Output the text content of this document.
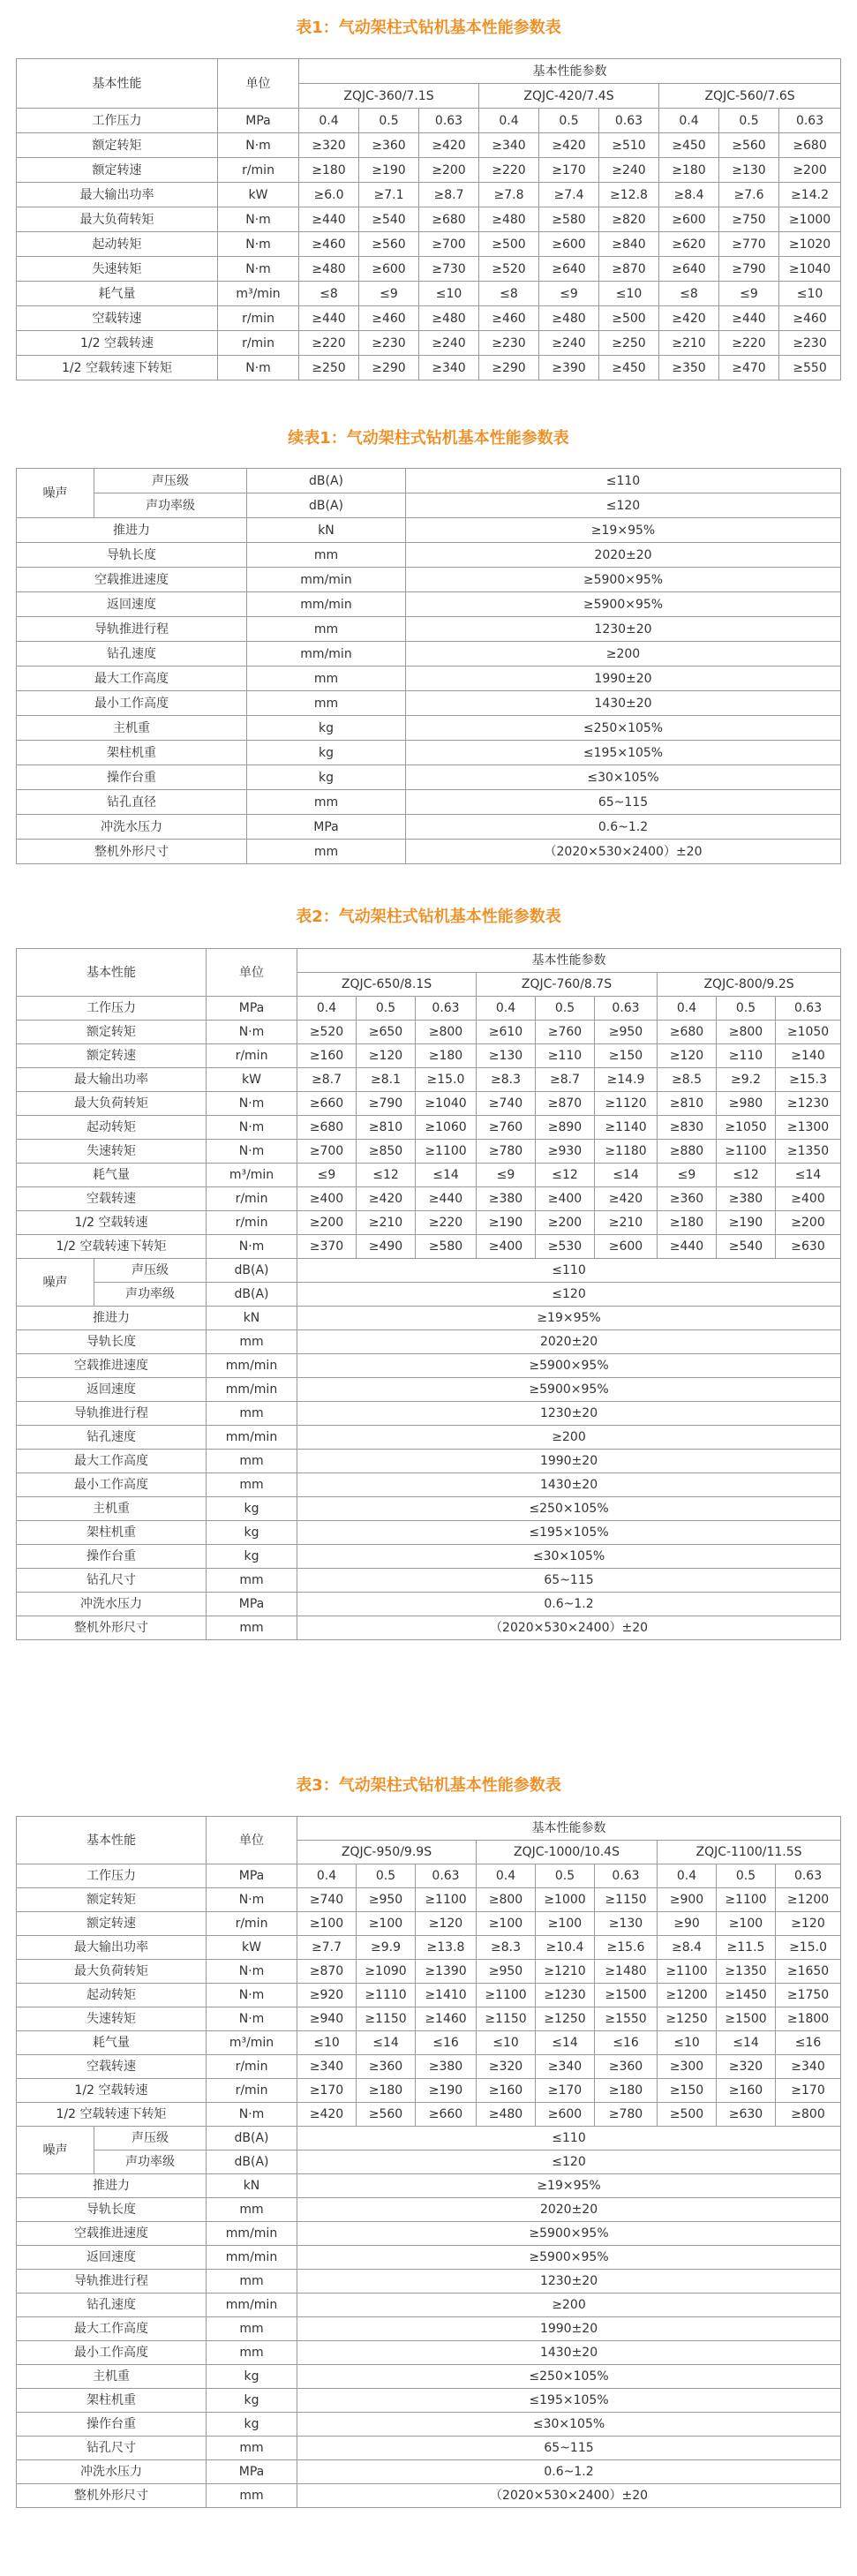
表1：气动架柱式钻机基本性能参数表
基本性能	单位	基本性能参数								
		ZQJC-360/7.1S			ZQJC-420/7.4S			ZQJC-560/7.6S		
工作压力	MPa	0.4	0.5	0.63	0.4	0.5	0.63	0.4	0.5	0.63
额定转矩	N·m	≥320	≥360	≥420	≥340	≥420	≥510	≥450	≥560	≥680
额定转速	r/min	≥180	≥190	≥200	≥220	≥170	≥240	≥180	≥130	≥200
最大输出功率	kW	≥6.0	≥7.1	≥8.7	≥7.8	≥7.4	≥12.8	≥8.4	≥7.6	≥14.2
最大负荷转矩	N·m	≥440	≥540	≥680	≥480	≥580	≥820	≥600	≥750	≥1000
起动转矩	N·m	≥460	≥560	≥700	≥500	≥600	≥840	≥620	≥770	≥1020
失速转矩	N·m	≥480	≥600	≥730	≥520	≥640	≥870	≥640	≥790	≥1040
耗气量	m³/min	≤8	≤9	≤10	≤8	≤9	≤10	≤8	≤9	≤10
空载转速	r/min	≥440	≥460	≥480	≥460	≥480	≥500	≥420	≥440	≥460
1/2 空载转速	r/min	≥220	≥230	≥240	≥230	≥240	≥250	≥210	≥220	≥230
1/2 空载转速下转矩	N·m	≥250	≥290	≥340	≥290	≥390	≥450	≥350	≥470	≥550
续表1：气动架柱式钻机基本性能参数表
噪声	声压级	dB(A)	≤110
	声功率级	dB(A)	≤120
推进力		kN	≥19×95%
导轨长度		mm	2020±20
空载推进速度		mm/min	≥5900×95%
返回速度		mm/min	≥5900×95%
导轨推进行程		mm	1230±20
钻孔速度		mm/min	≥200
最大工作高度		mm	1990±20
最小工作高度		mm	1430±20
主机重		kg	≤250×105%
架柱机重		kg	≤195×105%
操作台重		kg	≤30×105%
钻孔直径		mm	65~115
冲洗水压力		MPa	0.6~1.2
整机外形尺寸		mm	（2020×530×2400）±20
表2：气动架柱式钻机基本性能参数表
基本性能		单位	基本性能参数								
			ZQJC-650/8.1S			ZQJC-760/8.7S			ZQJC-800/9.2S		
工作压力		MPa	0.4	0.5	0.63	0.4	0.5	0.63	0.4	0.5	0.63
额定转矩		N·m	≥520	≥650	≥800	≥610	≥760	≥950	≥680	≥800	≥1050
额定转速		r/min	≥160	≥120	≥180	≥130	≥110	≥150	≥120	≥110	≥140
最大输出功率		kW	≥8.7	≥8.1	≥15.0	≥8.3	≥8.7	≥14.9	≥8.5	≥9.2	≥15.3
最大负荷转矩		N·m	≥660	≥790	≥1040	≥740	≥870	≥1120	≥810	≥980	≥1230
起动转矩		N·m	≥680	≥810	≥1060	≥760	≥890	≥1140	≥830	≥1050	≥1300
失速转矩		N·m	≥700	≥850	≥1100	≥780	≥930	≥1180	≥880	≥1100	≥1350
耗气量		m³/min	≤9	≤12	≤14	≤9	≤12	≤14	≤9	≤12	≤14
空载转速		r/min	≥400	≥420	≥440	≥380	≥400	≥420	≥360	≥380	≥400
1/2 空载转速		r/min	≥200	≥210	≥220	≥190	≥200	≥210	≥180	≥190	≥200
1/2 空载转速下转矩		N·m	≥370	≥490	≥580	≥400	≥530	≥600	≥440	≥540	≥630
噪声	声压级	dB(A)	≤110								
	声功率级	dB(A)	≤120								
推进力		kN	≥19×95%								
导轨长度		mm	2020±20								
空载推进速度		mm/min	≥5900×95%								
返回速度		mm/min	≥5900×95%								
导轨推进行程		mm	1230±20								
钻孔速度		mm/min	≥200								
最大工作高度		mm	1990±20								
最小工作高度		mm	1430±20								
主机重		kg	≤250×105%								
架柱机重		kg	≤195×105%								
操作台重		kg	≤30×105%								
钻孔尺寸		mm	65~115								
冲洗水压力		MPa	0.6~1.2								
整机外形尺寸		mm	（2020×530×2400）±20								
表3：气动架柱式钻机基本性能参数表
基本性能		单位	基本性能参数								
			ZQJC-950/9.9S			ZQJC-1000/10.4S			ZQJC-1100/11.5S		
工作压力		MPa	0.4	0.5	0.63	0.4	0.5	0.63	0.4	0.5	0.63
额定转矩		N·m	≥740	≥950	≥1100	≥800	≥1000	≥1150	≥900	≥1100	≥1200
额定转速		r/min	≥100	≥100	≥120	≥100	≥100	≥130	≥90	≥100	≥120
最大输出功率		kW	≥7.7	≥9.9	≥13.8	≥8.3	≥10.4	≥15.6	≥8.4	≥11.5	≥15.0
最大负荷转矩		N·m	≥870	≥1090	≥1390	≥950	≥1210	≥1480	≥1100	≥1350	≥1650
起动转矩		N·m	≥920	≥1110	≥1410	≥1100	≥1230	≥1500	≥1200	≥1450	≥1750
失速转矩		N·m	≥940	≥1150	≥1460	≥1150	≥1250	≥1550	≥1250	≥1500	≥1800
耗气量		m³/min	≤10	≤14	≤16	≤10	≤14	≤16	≤10	≤14	≤16
空载转速		r/min	≥340	≥360	≥380	≥320	≥340	≥360	≥300	≥320	≥340
1/2 空载转速		r/min	≥170	≥180	≥190	≥160	≥170	≥180	≥150	≥160	≥170
1/2 空载转速下转矩		N·m	≥420	≥560	≥660	≥480	≥600	≥780	≥500	≥630	≥800
噪声	声压级	dB(A)	≤110								
	声功率级	dB(A)	≤120								
推进力		kN	≥19×95%								
导轨长度		mm	2020±20								
空载推进速度		mm/min	≥5900×95%								
返回速度		mm/min	≥5900×95%								
导轨推进行程		mm	1230±20								
钻孔速度		mm/min	≥200								
最大工作高度		mm	1990±20								
最小工作高度		mm	1430±20								
主机重		kg	≤250×105%								
架柱机重		kg	≤195×105%								
操作台重		kg	≤30×105%								
钻孔尺寸		mm	65~115								
冲洗水压力		MPa	0.6~1.2								
整机外形尺寸		mm	（2020×530×2400）±20								
